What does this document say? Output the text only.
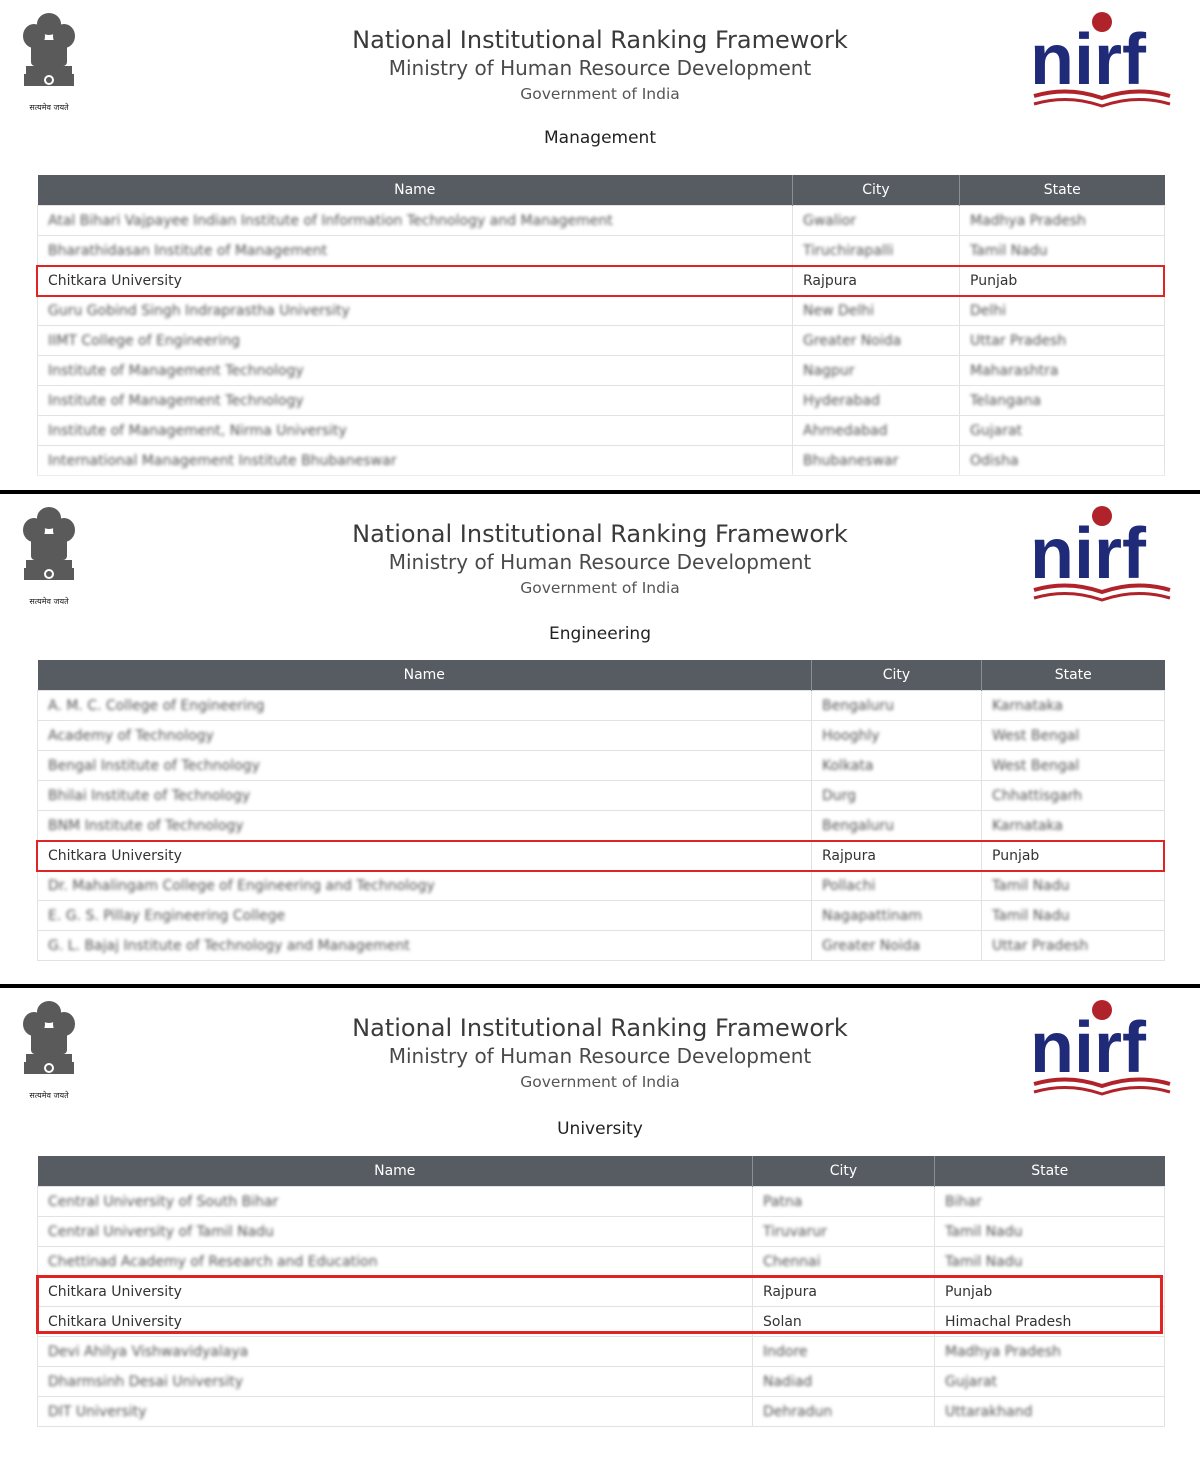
सत्यमेव जयते
National Institutional Ranking Framework
Ministry of Human Resource Development
Government of India	nirf
Management
Name	City	State
Atal Bihari Vajpayee Indian Institute of Information Technology and Management	Gwalior	Madhya Pradesh
Bharathidasan Institute of Management	Tiruchirapalli	Tamil Nadu
Chitkara University	Rajpura	Punjab
Guru Gobind Singh Indraprastha University	New Delhi	Delhi
IIMT College of Engineering	Greater Noida	Uttar Pradesh
Institute of Management Technology	Nagpur	Maharashtra
Institute of Management Technology	Hyderabad	Telangana
Institute of Management, Nirma University	Ahmedabad	Gujarat
International Management Institute Bhubaneswar	Bhubaneswar	Odisha
सत्यमेव जयते
National Institutional Ranking Framework
Ministry of Human Resource Development
Government of India	nirf
Engineering
Name	City	State
A. M. C. College of Engineering	Bengaluru	Karnataka
Academy of Technology	Hooghly	West Bengal
Bengal Institute of Technology	Kolkata	West Bengal
Bhilai Institute of Technology	Durg	Chhattisgarh
BNM Institute of Technology	Bengaluru	Karnataka
Chitkara University	Rajpura	Punjab
Dr. Mahalingam College of Engineering and Technology	Pollachi	Tamil Nadu
E. G. S. Pillay Engineering College	Nagapattinam	Tamil Nadu
G. L. Bajaj Institute of Technology and Management	Greater Noida	Uttar Pradesh
सत्यमेव जयते
National Institutional Ranking Framework
Ministry of Human Resource Development
Government of India	nirf
University
Name	City	State
Central University of South Bihar	Patna	Bihar
Central University of Tamil Nadu	Tiruvarur	Tamil Nadu
Chettinad Academy of Research and Education	Chennai	Tamil Nadu
Chitkara University	Rajpura	Punjab
Chitkara University	Solan	Himachal Pradesh
Devi Ahilya Vishwavidyalaya	Indore	Madhya Pradesh
Dharmsinh Desai University	Nadiad	Gujarat
DIT University	Dehradun	Uttarakhand
